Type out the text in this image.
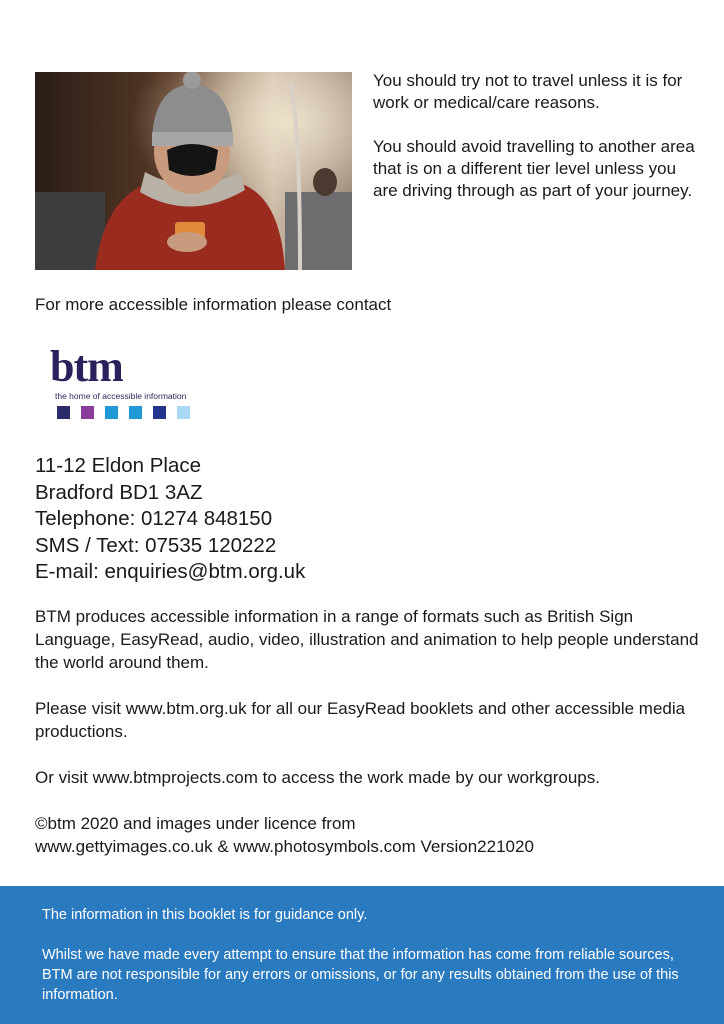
You should try not to travel unless it is for work or medical/care reasons.

You should avoid travelling to another area that is on a different tier level unless you are driving through as part of your journey.

For more accessible information please contact

btm
the home of accessible information
11-12 Eldon Place
Bradford BD1 3AZ
Telephone: 01274 848150
SMS / Text: 07535 120222
E-mail: enquiries@btm.org.uk

BTM produces accessible information in a range of formats such as British Sign Language, EasyRead, audio, video, illustration and animation to help people understand the world around them.

Please visit www.btm.org.uk for all our EasyRead booklets and other accessible media productions.

Or visit www.btmprojects.com to access the work made by our workgroups.

©btm 2020 and images under licence from
www.gettyimages.co.uk & www.photosymbols.com Version221020

The information in this booklet is for guidance only.

Whilst we have made every attempt to ensure that the information has come from reliable sources, BTM are not responsible for any errors or omissions, or for any results obtained from the use of this information.
